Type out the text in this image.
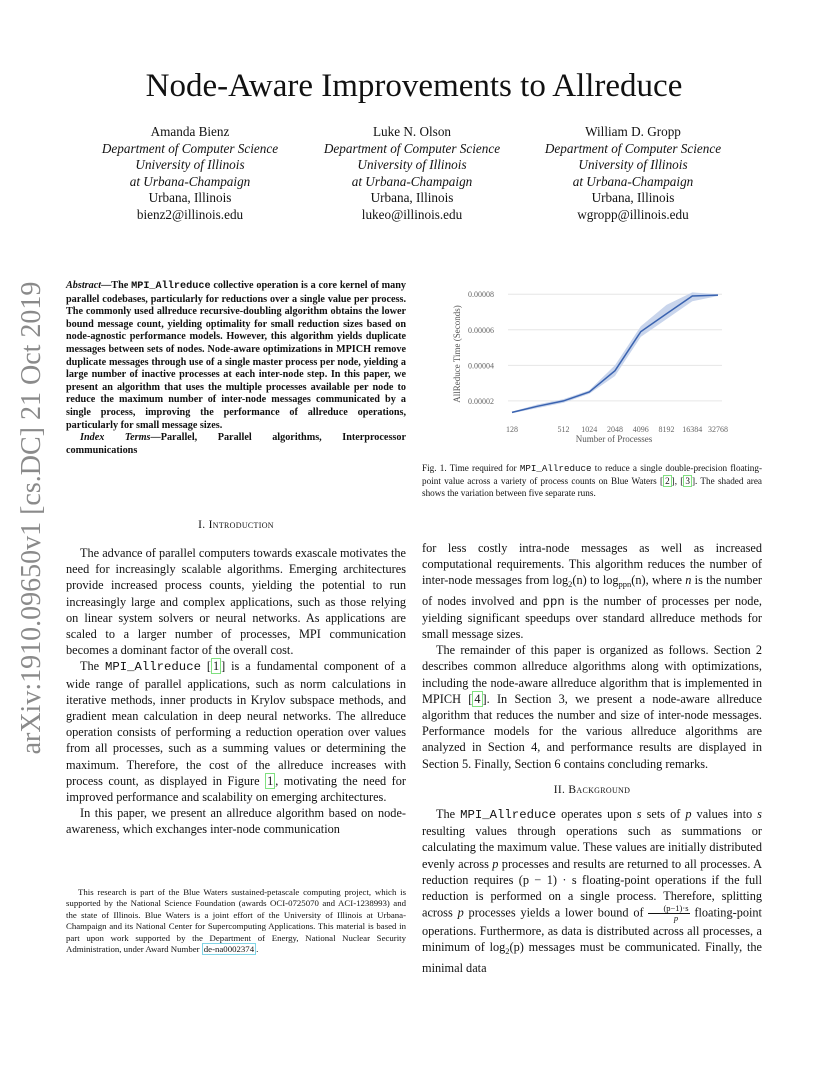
Node-Aware Improvements to Allreduce
Amanda Bienz
Department of Computer Science
University of Illinois
at Urbana-Champaign
Urbana, Illinois
bienz2@illinois.edu
Luke N. Olson
Department of Computer Science
University of Illinois
at Urbana-Champaign
Urbana, Illinois
lukeo@illinois.edu
William D. Gropp
Department of Computer Science
University of Illinois
at Urbana-Champaign
Urbana, Illinois
wgropp@illinois.edu
arXiv:1910.09650v1 [cs.DC] 21 Oct 2019 Abstract—The MPI_Allreduce collective operation is a core kernel of many parallel codebases, particularly for reductions over a single value per process. The commonly used allreduce recursive-doubling algorithm obtains the lower bound message count, yielding optimality for small reduction sizes based on node-agnostic performance models. However, this algorithm yields duplicate messages between sets of nodes. Node-aware optimizations in MPICH remove duplicate messages through use of a single master process per node, yielding a large number of inactive processes at each inter-node step. In this paper, we present an algorithm that uses the multiple processes available per node to reduce the maximum number of inter-node messages communicated by a single process, improving the performance of allreduce operations, particularly for small message sizes.

Index Terms—Parallel, Parallel algorithms, Interprocessor communications

I. Introduction

The advance of parallel computers towards exascale motivates the need for increasingly scalable algorithms. Emerging architectures provide increased process counts, yielding the potential to run increasingly large and complex applications, such as those relying on linear system solvers or neural networks. As applications are scaled to a larger number of processes, MPI communication becomes a dominant factor of the overall cost.

The MPI_Allreduce [ 1 ] is a fundamental component of a wide range of parallel applications, such as norm calculations in iterative methods, inner products in Krylov subspace methods, and gradient mean calculation in deep neural networks. The allreduce operation consists of performing a reduction operation over values from all processes, such as a summing values or determining the maximum. Therefore, the cost of the allreduce increases with process count, as displayed in Figure 1 , motivating the need for improved performance and scalability on emerging architectures.

In this paper, we present an allreduce algorithm based on node-awareness, which exchanges inter-node communication

This research is part of the Blue Waters sustained-petascale computing project, which is supported by the National Science Foundation (awards OCI-0725070 and ACI-1238993) and the state of Illinois. Blue Waters is a joint effort of the University of Illinois at Urbana-Champaign and its National Center for Supercomputing Applications. This material is based in part upon work supported by the Department of Energy, National Nuclear Security Administration, under Award Number de-na0002374 .

0.00002
0.00004
0.00006
0.00008
128	512 1024 2048 4096 8192 16384 32768
Number of Processes
AllReduce Time (Seconds)
Fig. 1. Time required for MPI_Allreduce to reduce a single double-precision floating-point value across a variety of process counts on Blue Waters [ 2 ], [ 3 ]. The shaded area shows the variation between five separate runs.

for less costly intra-node messages as well as increased computational requirements. This algorithm reduces the number of inter-node messages from $\log_2(n)$ to $\log_{ppn}(n)$, where n is the number of nodes involved and ppn is the number of processes per node, yielding significant speedups over standard allreduce methods for small message sizes.

The remainder of this paper is organized as follows. Section 2 describes common allreduce algorithms along with optimizations, including the node-aware allreduce algorithm that is implemented in MPICH [ 4 ]. In Section 3, we present a node-aware allreduce algorithm that reduces the number and size of inter-node messages. Performance models for the various allreduce algorithms are analyzed in Section 4, and performance results are displayed in Section 5. Finally, Section 6 contains concluding remarks.

II. Background

The MPI_Allreduce operates upon s sets of p values into s resulting values through operations such as summations or calculating the maximum value. These values are initially distributed evenly across p processes and results are returned to all processes. A reduction requires (p − 1) · s floating-point operations if the full reduction is performed on a single process. Therefore, splitting across p processes yields a lower bound of $\frac{(p-1)\cdot s}{p}$ floating-point operations. Furthermore, as data is distributed across all processes, a minimum of $\log_2(p)$ messages must be communicated. Finally, the minimal data
